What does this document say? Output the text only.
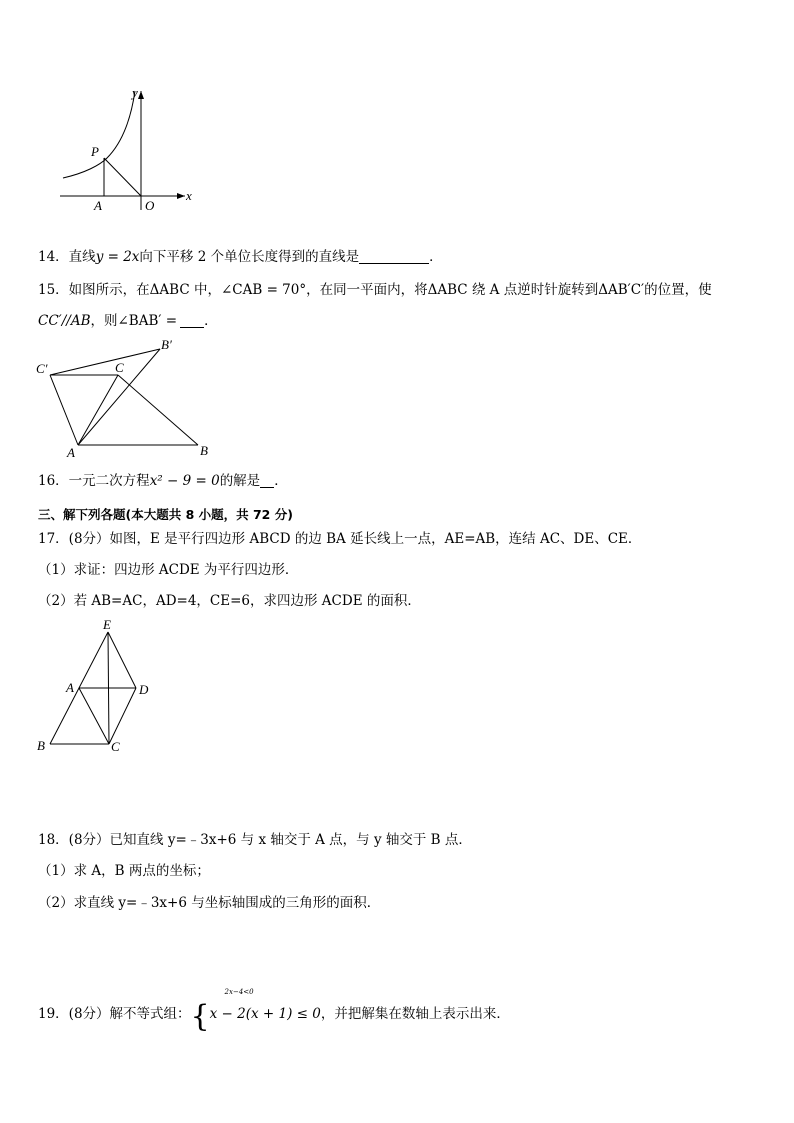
y
x
P
A	O
14．直线y = 2x向下平移 2 个单位长度得到的直线是	．
15．如图所示，在ΔABC 中，∠CAB = 70°，在同一平面内，将ΔABC 绕 A 点逆时针旋转到ΔAB′C′的位置，使
CC′//AB，则∠BAB′ = ．
C′	C
B′
A	B
16．一元二次方程x² − 9 = 0的解是 ．
三、解下列各题(本大题共 8 小题，共 72 分)
17．(8分）如图，E 是平行四边形 ABCD 的边 BA 延长线上一点，AE=AB，连结 AC、DE、CE．
（1）求证：四边形 ACDE 为平行四边形．
（2）若 AB=AC，AD=4，CE=6，求四边形 ACDE 的面积．
E
A	D
B	C
18．(8分）已知直线 y=﹣3x+6 与 x 轴交于 A 点，与 y 轴交于 B 点．
（1）求 A，B 两点的坐标；
（2）求直线 y=﹣3x+6 与坐标轴围成的三角形的面积．
19．(8分）解不等式组：{
2x−4<0
x − 2(x + 1) ≤ 0，并把解集在数轴上表示出来．
